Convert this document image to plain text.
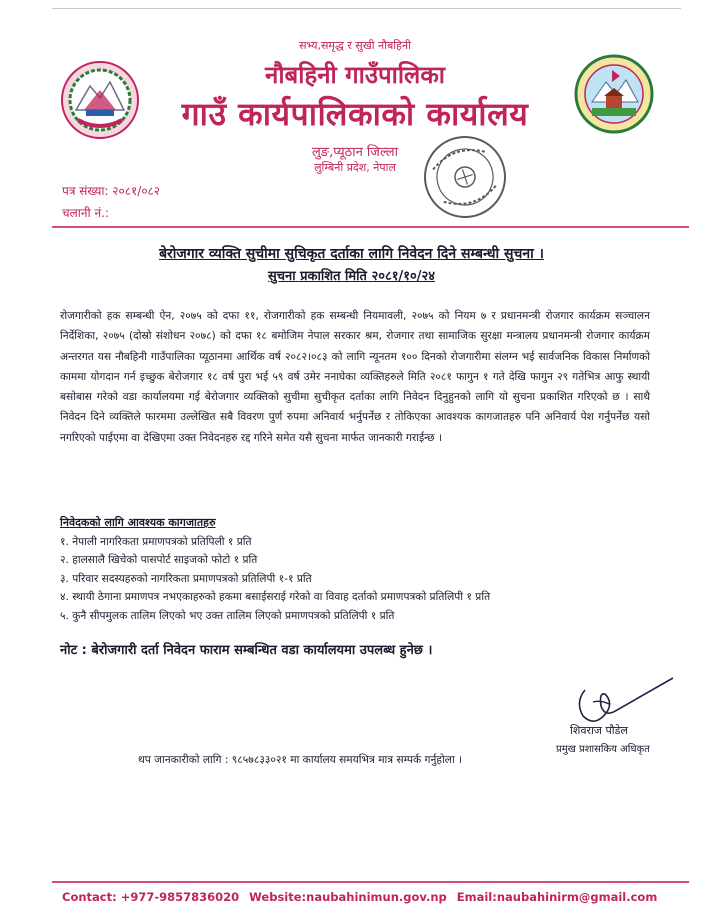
सभ्य,समृद्ध र सुखी नौबहिनी
नौबहिनी गाउँपालिका
गाउँ कार्यपालिकाको कार्यालय
लुङ,प्यूठान जिल्ला
लुम्बिनी प्रदेश, नेपाल
पत्र संख्या: २०८१/०८२
चलानी नं.:
बेरोजगार व्यक्ति सुचीमा सुचिकृत दर्ताका लागि निवेदन दिने सम्बन्धी सुचना ।
सुचना प्रकाशित मिति २०८१/१०/२४
रोजगारीको हक सम्बन्धी ऐन, २०७५ को दफा ११, रोजगारीको हक सम्बन्धी नियमावली, २०७५ को नियम ७ र प्रधानमन्त्री रोजगार कार्यक्रम सञ्चालन निर्देशिका, २०७५ (दोस्रो संशोधन २०७८) को दफा १८ बमोजिम नेपाल सरकार श्रम, रोजगार तथा सामाजिक सुरक्षा मन्त्रालय प्रधानमन्त्री रोजगार कार्यक्रम अन्तरगत यस नौबहिनी गाउँपालिका प्यूठानमा आर्थिक वर्ष २०८२।०८३ को लागि न्यूनतम १०० दिनको रोजगारीमा संलग्न भई सार्वजनिक विकास निर्माणको काममा योगदान गर्न इच्छुक बेरोजगार १८ वर्ष पुरा भई ५९ वर्ष उमेर ननाघेका व्यक्तिहरुले मिति २०८१ फागुन १ गते देखि फागुन २९ गतेभित्र आफु स्थायी बसोबास गरेको वडा कार्यालयमा गई बेरोजगार व्यक्तिको सुचीमा सुचीकृत दर्ताका लागि निवेदन दिनुहुनको लागि यो सुचना प्रकाशित गरिएको छ । साथै निवेदन दिने व्यक्तिले फारममा उल्लेखित सबै विवरण पुर्ण रुपमा अनिवार्य भर्नुपर्नेछ र तोकिएका आवश्यक कागजातहरु पनि अनिवार्य पेश गर्नुपर्नेछ यसो नगरिएको पाईएमा वा देखिएमा उक्त निवेदनहरु रद्द गरिने समेत यसै सुचना मार्फत जानकारी गराईन्छ ।
निवेदकको लागि आवश्यक कागजातहरु
१. नेपाली नागरिकता प्रमाणपत्रको प्रतिपिली १ प्रति
२. हालसालै खिचेको पासपोर्ट साइजको फोटो १ प्रति
३. परिवार सदस्यहरुको नागरिकता प्रमाणपत्रको प्रतिलिपी १-१ प्रति
४. स्थायी ठेगाना प्रमाणपत्र नभएकाहरुको हकमा बसाईसराई गरेको वा विवाह दर्ताको प्रमाणपत्रको प्रतिलिपी १ प्रति
५. कुनै सीपमुलक तालिम लिएको भए उक्त तालिम लिएको प्रमाणपत्रको प्रतिलिपी १ प्रति
नोट : बेरोजगारी दर्ता निवेदन फाराम सम्बन्धित वडा कार्यालयमा उपलब्ध हुनेछ ।
शिवराज पौडेल
प्रमुख प्रशासकिय अधिकृत
थप जानकारीको लागि : ९८५७८३३०२१ मा कार्यालय समयभित्र मात्र सम्पर्क गर्नुहोला ।
Contact: +977-9857836020 Website:naubahinimun.gov.np Email:naubahinirm@gmail.com
